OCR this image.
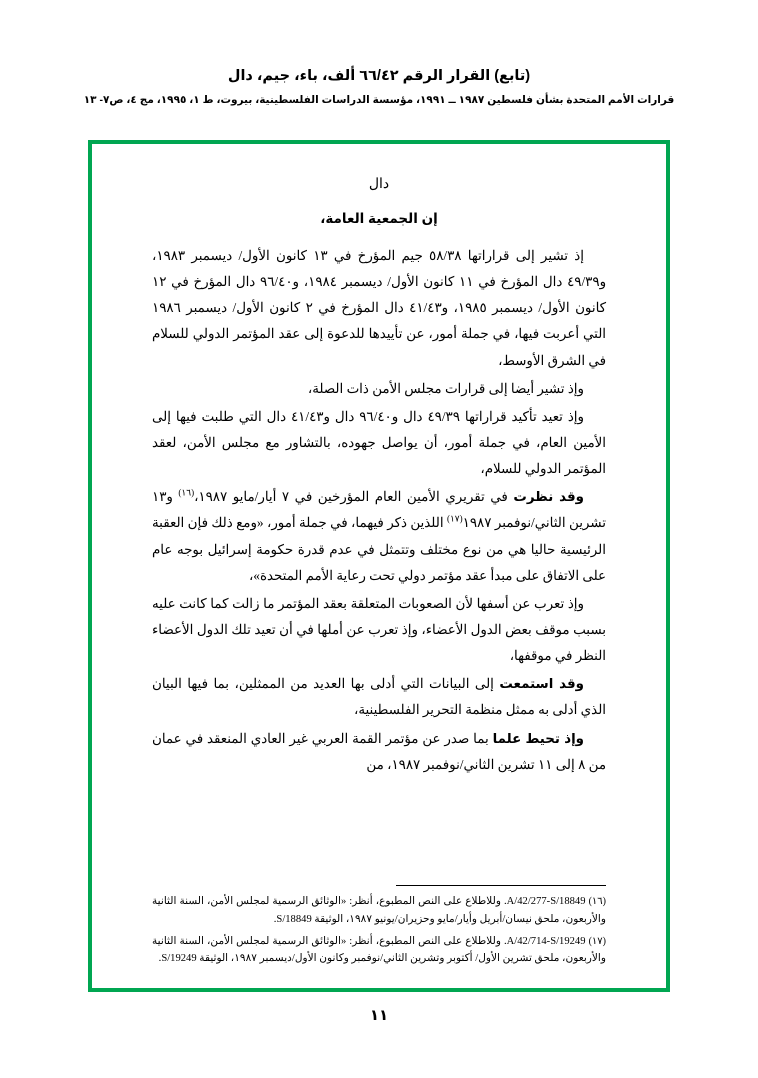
(تابع) القرار الرقم ٦٦/٤٢ ألف، باء، جيم، دال
قرارات الأمم المتحدة بشأن فلسطين ١٩٨٧ ــ ١٩٩١، مؤسسة الدراسات الفلسطينية، بيروت، ط ١، ١٩٩٥، مج ٤، ص٧- ١٣
دال
إن الجمعية العامة،

إذ تشير إلى قراراتها ٥٨/٣٨ جيم المؤرخ في ١٣ كانون الأول/ ديسمبر ١٩٨٣، و٤٩/٣٩ دال المؤرخ في ١١ كانون الأول/ ديسمبر ١٩٨٤، و٩٦/٤٠ دال المؤرخ في ١٢ كانون الأول/ ديسمبر ١٩٨٥، و٤١/٤٣ دال المؤرخ في ٢ كانون الأول/ ديسمبر ١٩٨٦ التي أعربت فيها، في جملة أمور، عن تأييدها للدعوة إلى عقد المؤتمر الدولي للسلام في الشرق الأوسط،

وإذ تشير أيضا إلى قرارات مجلس الأمن ذات الصلة،

وإذ تعيد تأكيد قراراتها ٤٩/٣٩ دال و٩٦/٤٠ دال و٤١/٤٣ دال التي طلبت فيها إلى الأمين العام، في جملة أمور، أن يواصل جهوده، بالتشاور مع مجلس الأمن، لعقد المؤتمر الدولي للسلام،

وقد نظرت في تقريري الأمين العام المؤرخين في ٧ أيار/مايو ١٩٨٧،$^{(١٦)}$ و١٣ تشرين الثاني/نوفمبر ١٩٨٧$^{(١٧)}$ اللذين ذكر فيهما، في جملة أمور، «ومع ذلك فإن العقبة الرئيسية حاليا هي من نوع مختلف وتتمثل في عدم قدرة حكومة إسرائيل بوجه عام على الاتفاق على مبدأ عقد مؤتمر دولي تحت رعاية الأمم المتحدة»،

وإذ تعرب عن أسفها لأن الصعوبات المتعلقة بعقد المؤتمر ما زالت كما كانت عليه بسبب موقف بعض الدول الأعضاء، وإذ تعرب عن أملها في أن تعيد تلك الدول الأعضاء النظر في موقفها،

وقد استمعت إلى البيانات التي أدلى بها العديد من الممثلين، بما فيها البيان الذي أدلى به ممثل منظمة التحرير الفلسطينية،

وإذ تحيط علما بما صدر عن مؤتمر القمة العربي غير العادي المنعقد في عمان من ٨ إلى ١١ تشرين الثاني/نوفمبر ١٩٨٧، من

(١٦) A/42/277-S/18849. وللاطلاع على النص المطبوع، أنظر: «الوثائق الرسمية لمجلس الأمن، السنة الثانية والأربعون، ملحق نيسان/أبريل وأيار/مايو وحزيران/يونيو ١٩٨٧، الوثيقة S/18849.

(١٧) A/42/714-S/19249. وللاطلاع على النص المطبوع، أنظر: «الوثائق الرسمية لمجلس الأمن، السنة الثانية والأربعون، ملحق تشرين الأول/ أكتوبر وتشرين الثاني/نوفمبر وكانون الأول/ديسمبر ١٩٨٧، الوثيقة S/19249.

١١
